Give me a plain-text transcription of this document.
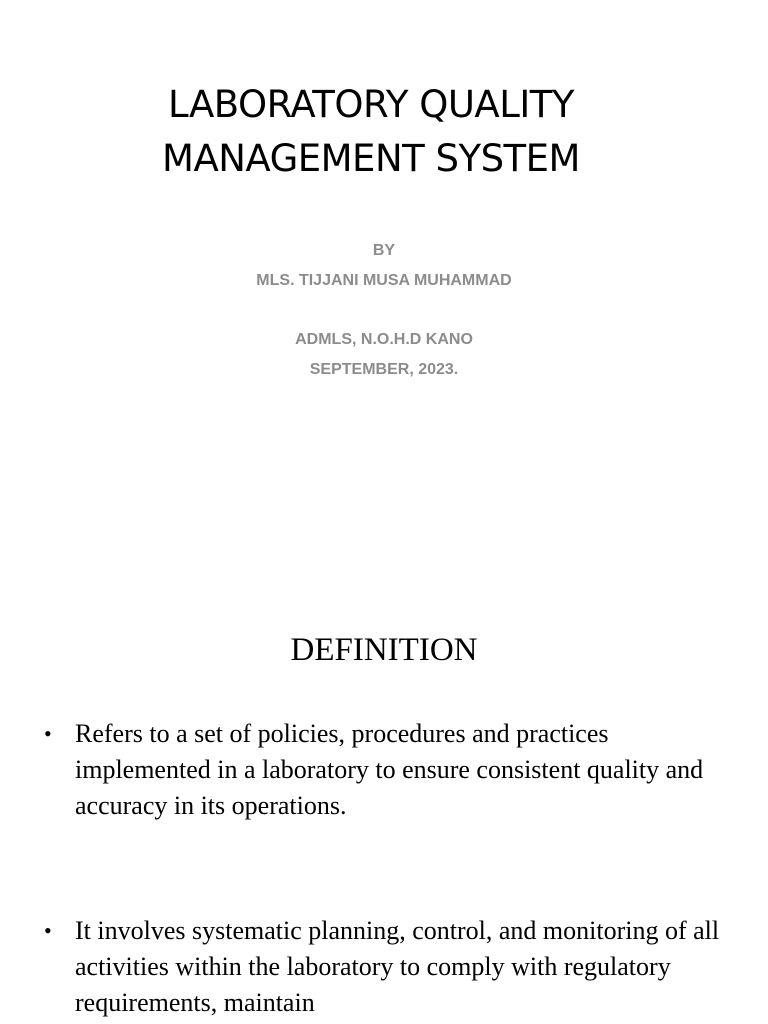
LABORATORY QUALITY
MANAGEMENT SYSTEM
BY
MLS. TIJJANI MUSA MUHAMMAD
ADMLS, N.O.H.D KANO
SEPTEMBER, 2023.
DEFINITION
• Refers to a set of policies, procedures and practices implemented in a laboratory to ensure consistent quality and accuracy in its operations.
• It involves systematic planning, control, and monitoring of all activities within the laboratory to comply with regulatory requirements, maintain
